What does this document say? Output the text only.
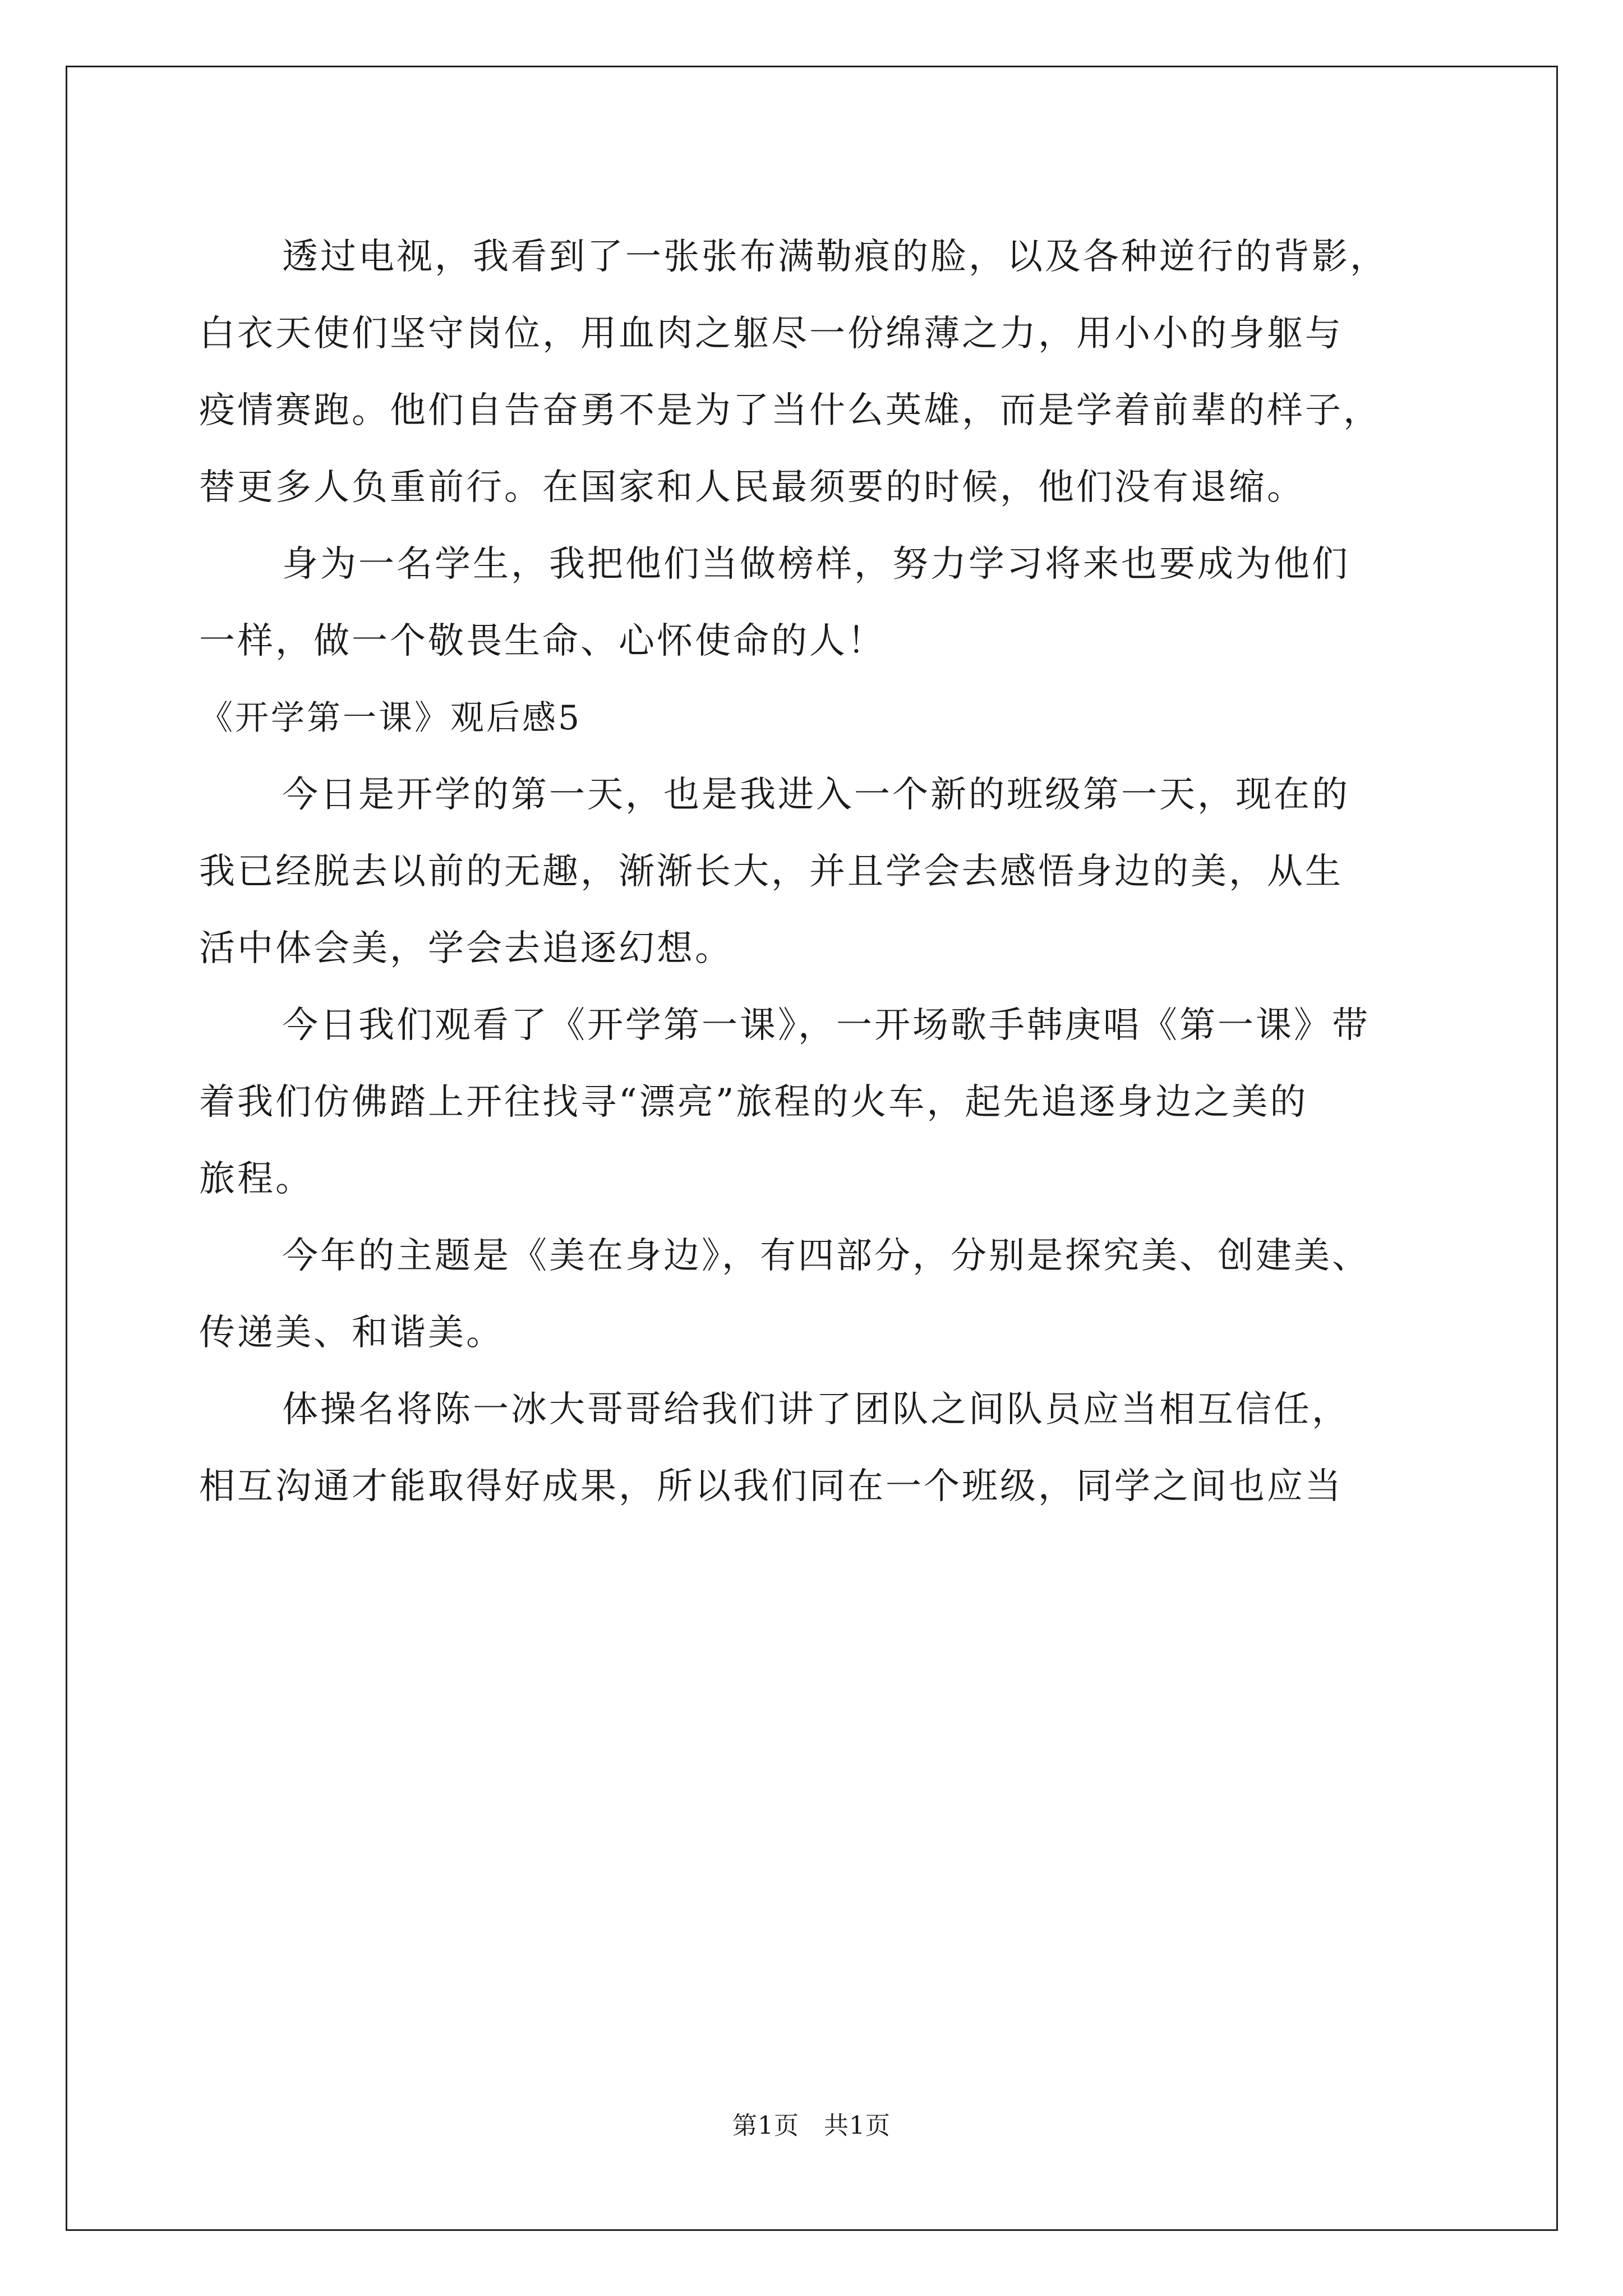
透过电视，我看到了一张张布满勒痕的脸，以及各种逆行的背影，
白衣天使们坚守岗位，用血肉之躯尽一份绵薄之力，用小小的身躯与
疫情赛跑。他们自告奋勇不是为了当什么英雄，而是学着前辈的样子，
替更多人负重前行。在国家和人民最须要的时候，他们没有退缩。
身为一名学生，我把他们当做榜样，努力学习将来也要成为他们
一样，做一个敬畏生命、心怀使命的人！
《开学第一课》观后感5
今日是开学的第一天，也是我进入一个新的班级第一天，现在的
我已经脱去以前的无趣，渐渐长大，并且学会去感悟身边的美，从生
活中体会美，学会去追逐幻想。
今日我们观看了《开学第一课》，一开场歌手韩庚唱《第一课》带
着我们仿佛踏上开往找寻“漂亮”旅程的火车，起先追逐身边之美的
旅程。
今年的主题是《美在身边》，有四部分，分别是探究美、创建美、
传递美、和谐美。
体操名将陈一冰大哥哥给我们讲了团队之间队员应当相互信任，
相互沟通才能取得好成果，所以我们同在一个班级，同学之间也应当
第1页 共1页
